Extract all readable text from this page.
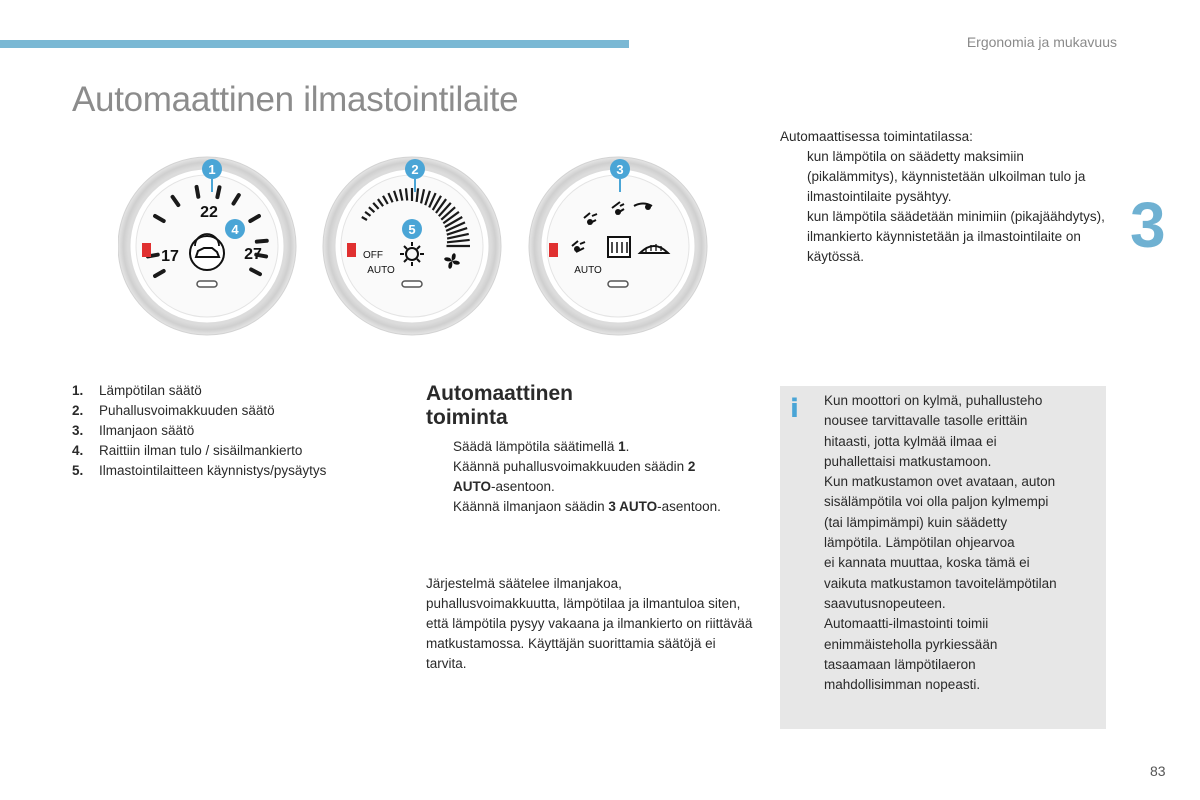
Ergonomia ja mukavuus
3
Automaattinen ilmastointilaite
22
17	27
1
4
OFF
AUTO
2
5
AUTO
3
Automaattisessa toimintatilassa:
kun lämpötila on säädetty maksimiin (pikalämmitys), käynnistetään ulkoilman tulo ja ilmastointilaite pysähtyy.
kun lämpötila säädetään minimiin (pikajäähdytys), ilmankierto käynnistetään ja ilmastointilaite on käytössä.
1.	Lämpötilan säätö
2.	Puhallusvoimakkuuden säätö
3.	Ilmanjaon säätö
4.	Raittiin ilman tulo / sisäilmankierto
5.	Ilmastointilaitteen käynnistys/pysäytys
Automaattinen
toiminta
Säädä lämpötila säätimellä 1.
Käännä puhallusvoimakkuuden säädin 2 AUTO-asentoon.
Käännä ilmanjaon säädin 3 AUTO-asentoon.
Järjestelmä säätelee ilmanjakoa, puhallusvoimakkuutta, lämpötilaa ja ilmantuloa siten, että lämpötila pysyy vakaana ja ilmankierto on riittävää matkustamossa. Käyttäjän suorittamia säätöjä ei tarvita.
i Kun moottori on kylmä, puhallusteho
nousee tarvittavalle tasolle erittäin
hitaasti, jotta kylmää ilmaa ei
puhallettaisi matkustamoon.
Kun matkustamon ovet avataan, auton
sisälämpötila voi olla paljon kylmempi
(tai lämpimämpi) kuin säädetty
lämpötila. Lämpötilan ohjearvoa
ei kannata muuttaa, koska tämä ei
vaikuta matkustamon tavoitelämpötilan
saavutusnopeuteen.
Automaatti-ilmastointi toimii
enimmäisteholla pyrkiessään
tasaamaan lämpötilaeron
mahdollisimman nopeasti.
83
